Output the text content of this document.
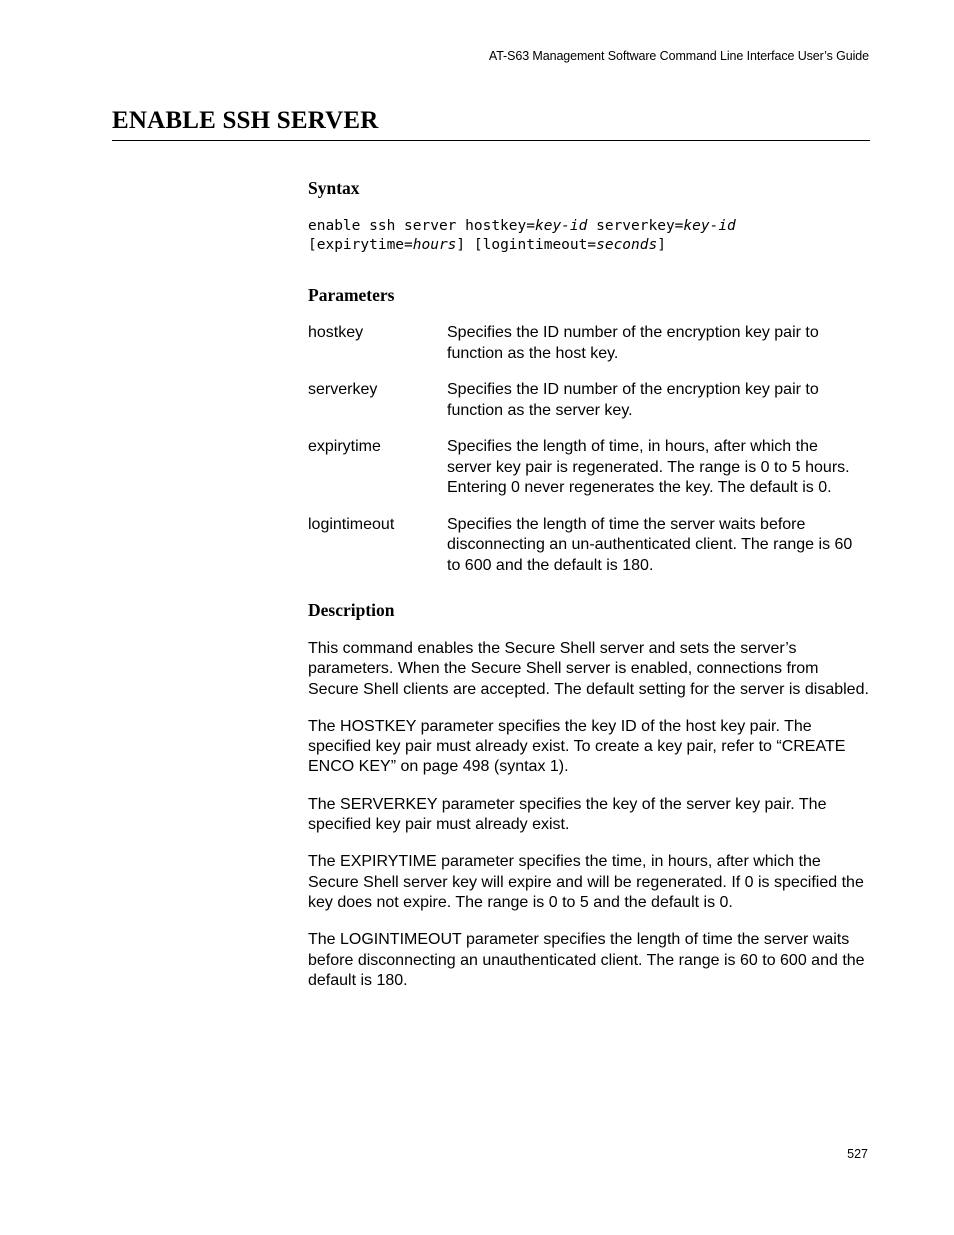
AT-S63 Management Software Command Line Interface User’s Guide
ENABLE SSH SERVER
Syntax
enable ssh server hostkey=key-id serverkey=key-id
[expirytime=hours] [logintimeout=seconds]
Parameters
hostkey	Specifies the ID number of the encryption key pair to function as the host key.
serverkey	Specifies the ID number of the encryption key pair to function as the server key.
expirytime	Specifies the length of time, in hours, after which the server key pair is regenerated. The range is 0 to 5 hours. Entering 0 never regenerates the key. The default is 0.
logintimeout	Specifies the length of time the server waits before disconnecting an un-authenticated client. The range is 60 to 600 and the default is 180.
Description

This command enables the Secure Shell server and sets the server’s parameters. When the Secure Shell server is enabled, connections from Secure Shell clients are accepted. The default setting for the server is disabled.

The HOSTKEY parameter specifies the key ID of the host key pair. The specified key pair must already exist. To create a key pair, refer to “CREATE ENCO KEY” on page 498 (syntax 1).

The SERVERKEY parameter specifies the key of the server key pair. The specified key pair must already exist.

The EXPIRYTIME parameter specifies the time, in hours, after which the Secure Shell server key will expire and will be regenerated. If 0 is specified the key does not expire. The range is 0 to 5 and the default is 0.

The LOGINTIMEOUT parameter specifies the length of time the server waits before disconnecting an unauthenticated client. The range is 60 to 600 and the default is 180.

527
